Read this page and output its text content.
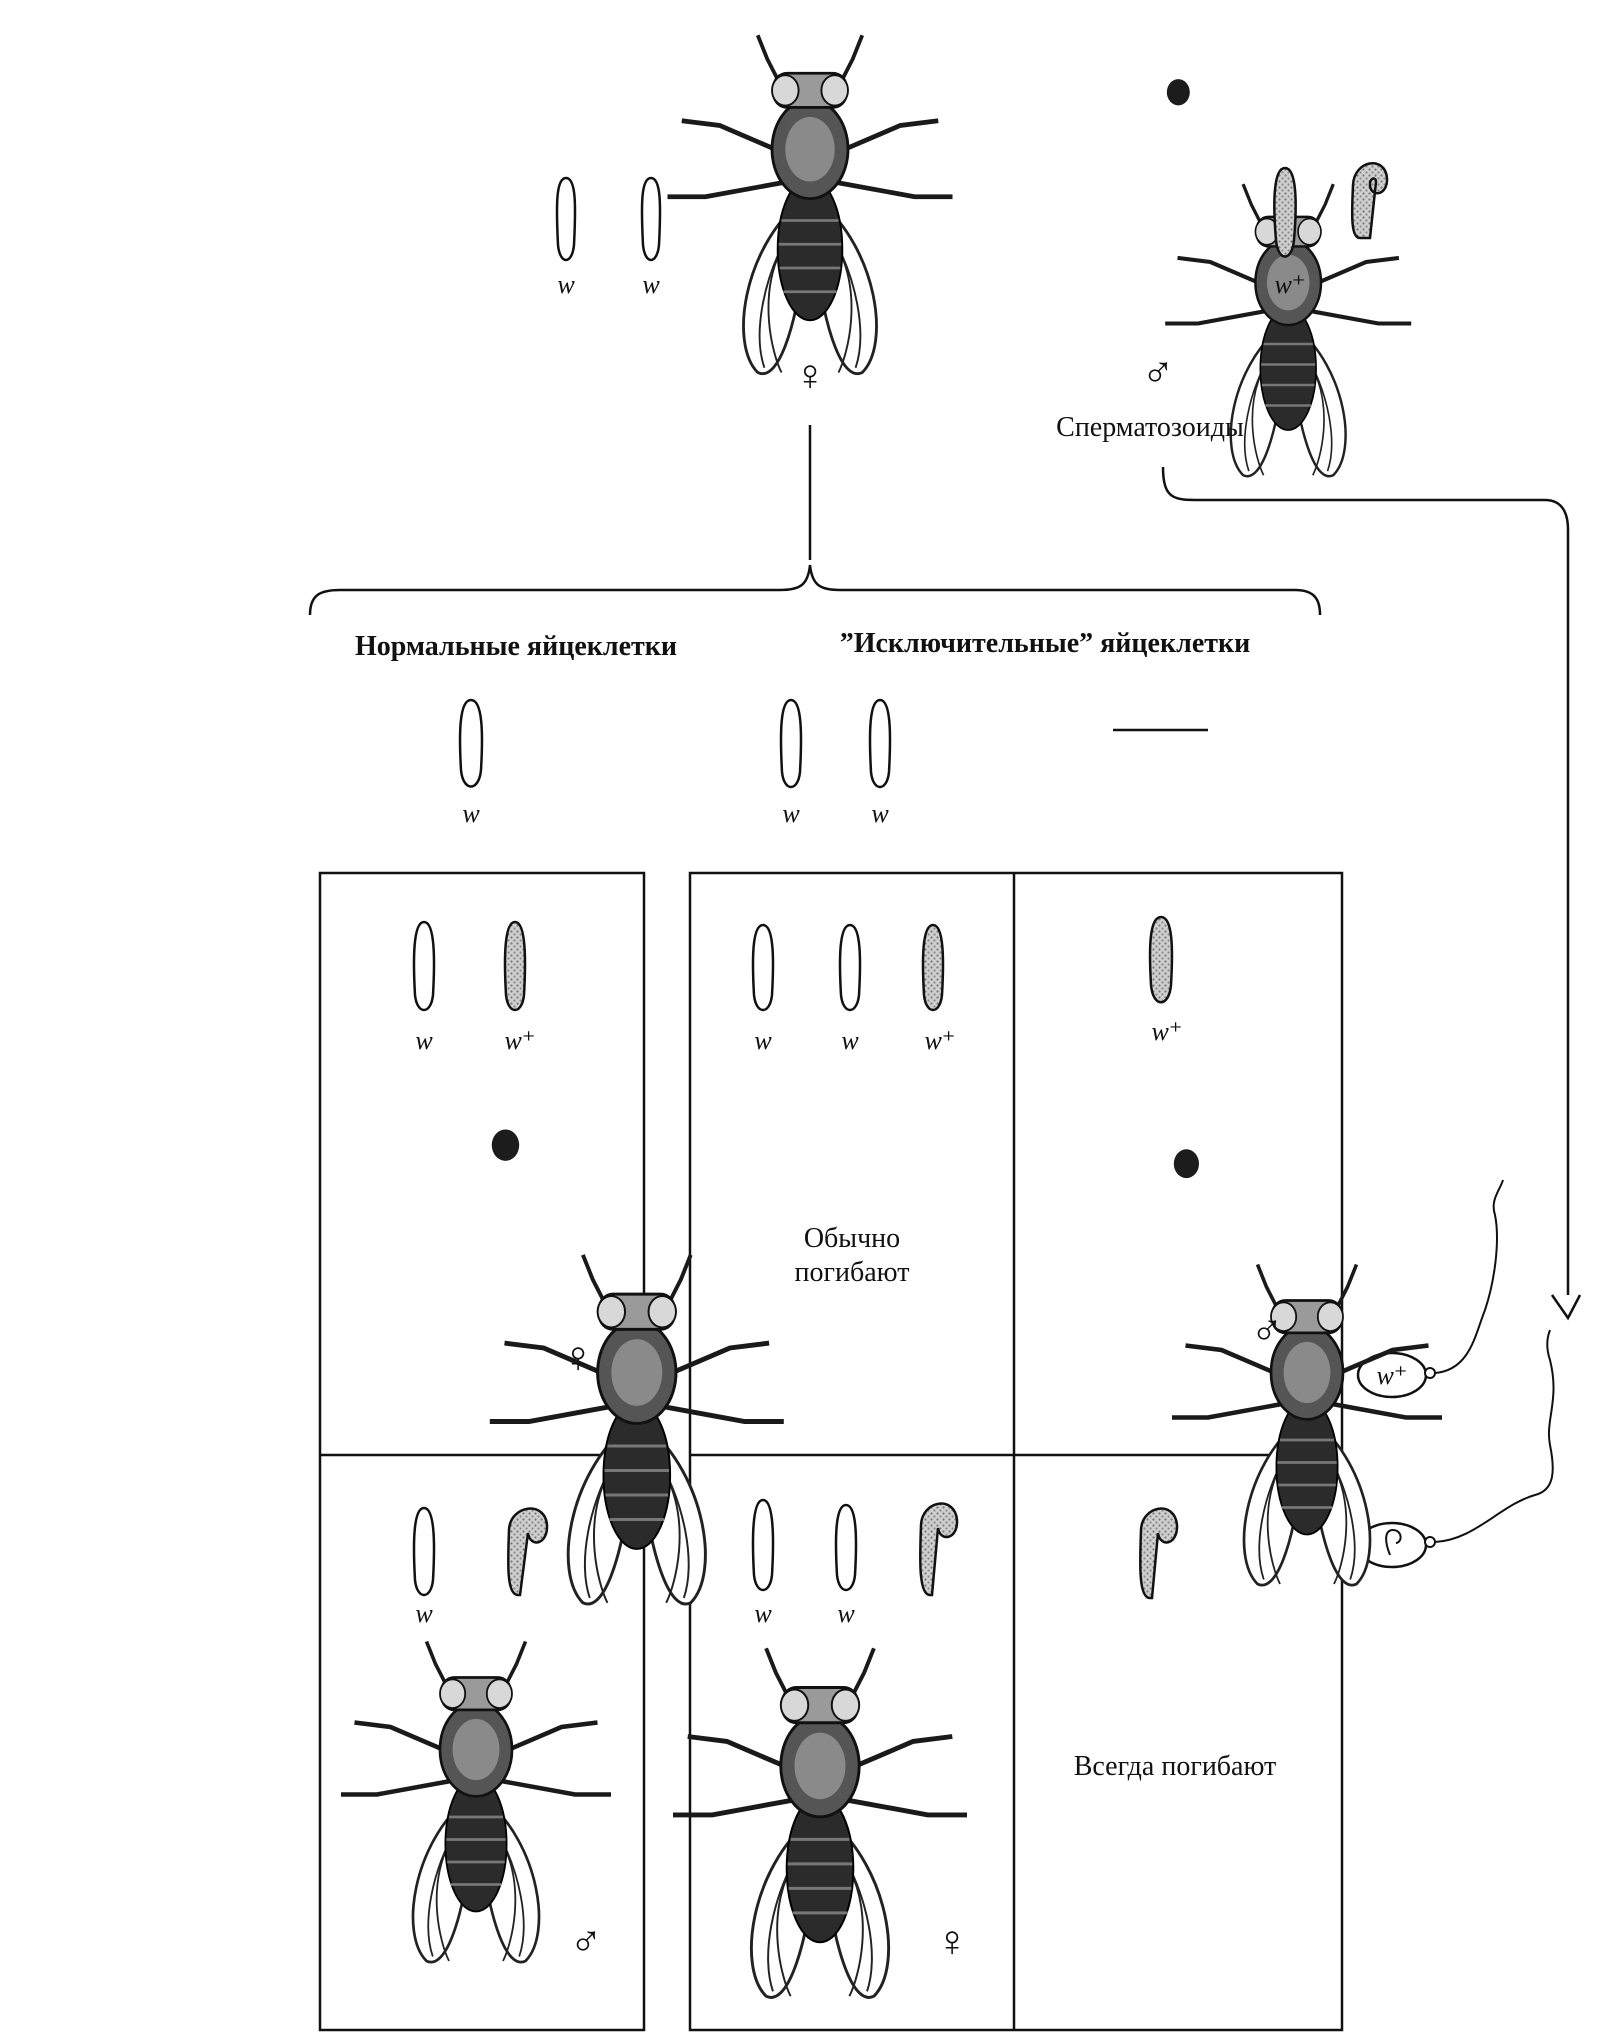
w	w
♀
w⁺
♂
Сперматозоиды
Нормальные яйцеклетки	”Исключительные” яйцеклетки
w	w	w
w⁺
w	w⁺
♀
w	w	w⁺
Обычно
погибают
w⁺
♂
w
♂
w	w
♀
Всегда погибают
